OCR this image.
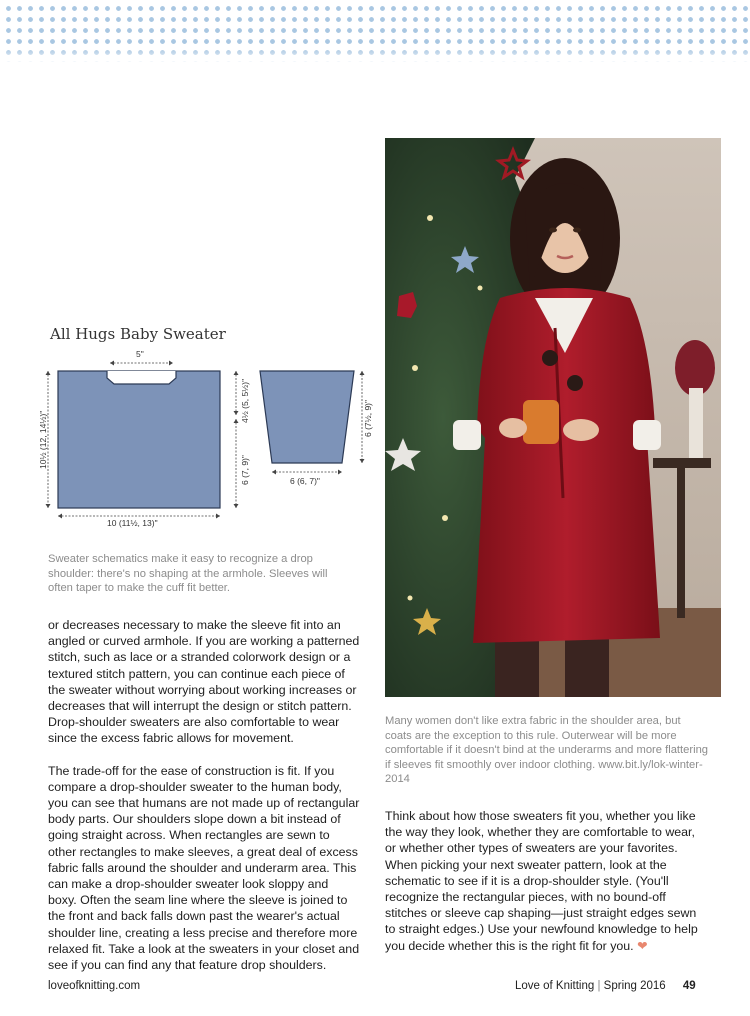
All Hugs Baby Sweater
5"
10½ (12, 14½)"
10 (11½, 13)"
4½ (5, 5½)"
6 (7, 9)"	6 (6, 7)"
6 (7½, 9)"
Sweater schematics make it easy to recognize a drop shoulder: there's no shaping at the armhole. Sleeves will often taper to make the cuff fit better.

or decreases necessary to make the sleeve fit into an angled or curved armhole. If you are working a patterned stitch, such as lace or a stranded colorwork design or a textured stitch pattern, you can continue each piece of the sweater without worrying about working increases or decreases that will interrupt the design or stitch pattern. Drop-shoulder sweaters are also comfortable to wear since the excess fabric allows for movement.

The trade-off for the ease of construction is fit. If you compare a drop-shoulder sweater to the human body, you can see that humans are not made up of rectangular body parts. Our shoulders slope down a bit instead of going straight across. When rectangles are sewn to other rectangles to make sleeves, a great deal of excess fabric falls around the shoulder and underarm area. This can make a drop-shoulder sweater look sloppy and boxy. Often the seam line where the sleeve is joined to the front and back falls down past the wearer's actual shoulder line, creating a less precise and therefore more relaxed fit. Take a look at the sweaters in your closet and see if you can find any that feature drop shoulders.

Many women don't like extra fabric in the shoulder area, but coats are the exception to this rule. Outerwear will be more comfortable if it doesn't bind at the underarms and more flattering if sleeves fit smoothly over indoor clothing. www.bit.ly/lok-winter-2014

Think about how those sweaters fit you, whether you like the way they look, whether they are comfortable to wear, or whether other types of sweaters are your favorites. When picking your next sweater pattern, look at the schematic to see if it is a drop-shoulder style. (You'll recognize the rectangular pieces, with no bound-off stitches or sleeve cap shaping—just straight edges sewn to straight edges.) Use your newfound knowledge to help you decide whether this is the right fit for you. ❤

loveofknitting.com	Love of Knitting | Spring 2016 49
